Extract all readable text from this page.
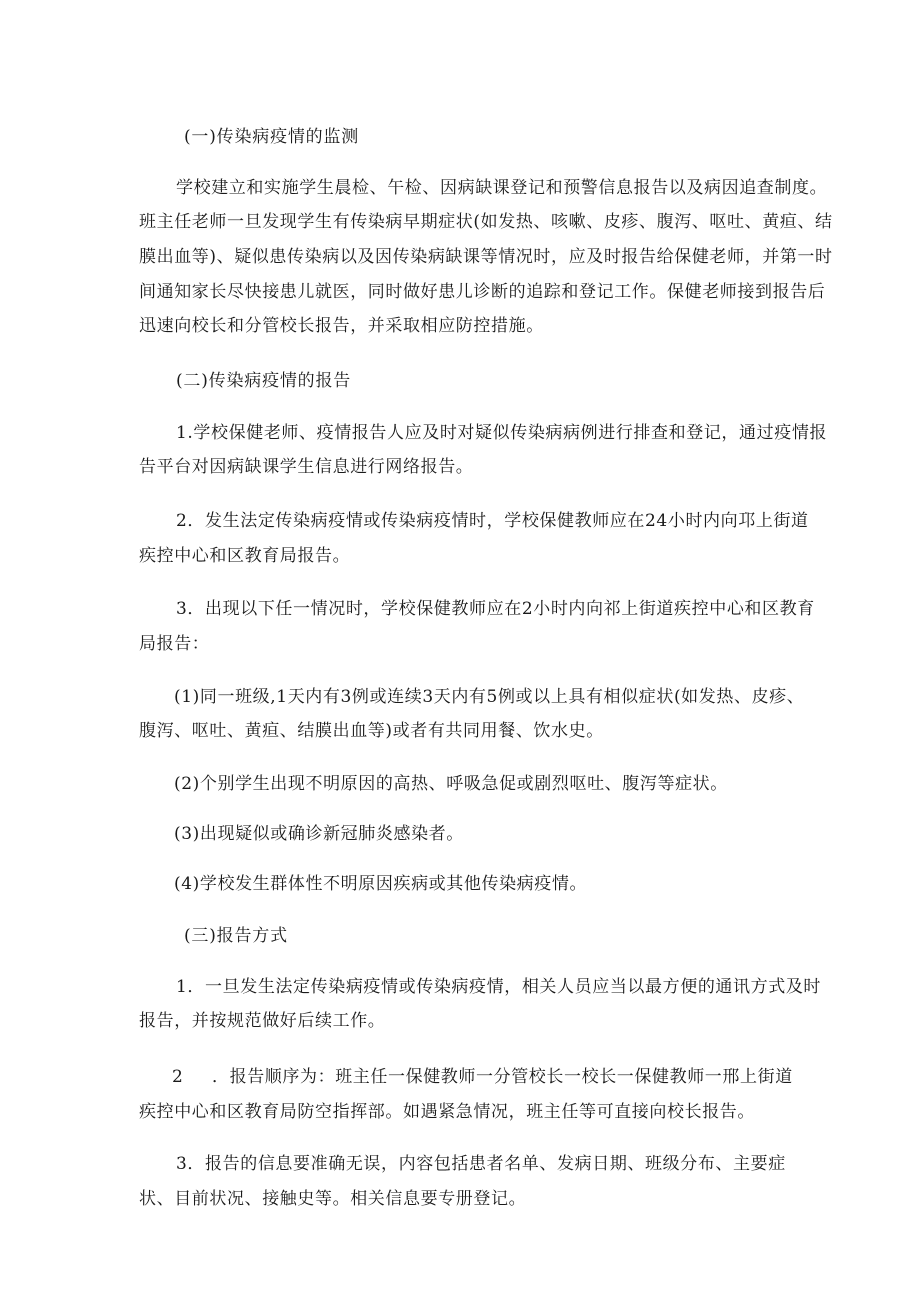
(一)传染病疫情的监测
学校建立和实施学生晨检、午检、因病缺课登记和预警信息报告以及病因追查制度。
班主任老师一旦发现学生有传染病早期症状(如发热、咳嗽、皮疹、腹泻、呕吐、黄疸、结
膜出血等)、疑似患传染病以及因传染病缺课等情况时，应及时报告给保健老师，并第一时
间通知家长尽快接患儿就医，同时做好患儿诊断的追踪和登记工作。保健老师接到报告后
迅速向校长和分管校长报告，并采取相应防控措施。
(二)传染病疫情的报告
1.学校保健老师、疫情报告人应及时对疑似传染病病例进行排查和登记，通过疫情报
告平台对因病缺课学生信息进行网络报告。
2．发生法定传染病疫情或传染病疫情时，学校保健教师应在24小时内向邛上街道
疾控中心和区教育局报告。
3．出现以下任一情况时，学校保健教师应在2小时内向祁上街道疾控中心和区教育
局报告：
(1)同一班级,1天内有3例或连续3天内有5例或以上具有相似症状(如发热、皮疹、
腹泻、呕吐、黄疸、结膜出血等)或者有共同用餐、饮水史。
(2)个别学生出现不明原因的高热、呼吸急促或剧烈呕吐、腹泻等症状。
(3)出现疑似或确诊新冠肺炎感染者。
(4)学校发生群体性不明原因疾病或其他传染病疫情。
(三)报告方式
1．一旦发生法定传染病疫情或传染病疫情，相关人员应当以最方便的通讯方式及时
报告，并按规范做好后续工作。
2 ．报告顺序为：班主任一保健教师一分管校长一校长一保健教师一邢上街道
疾控中心和区教育局防空指挥部。如遇紧急情况，班主任等可直接向校长报告。
3．报告的信息要准确无误，内容包括患者名单、发病日期、班级分布、主要症
状、目前状况、接触史等。相关信息要专册登记。
